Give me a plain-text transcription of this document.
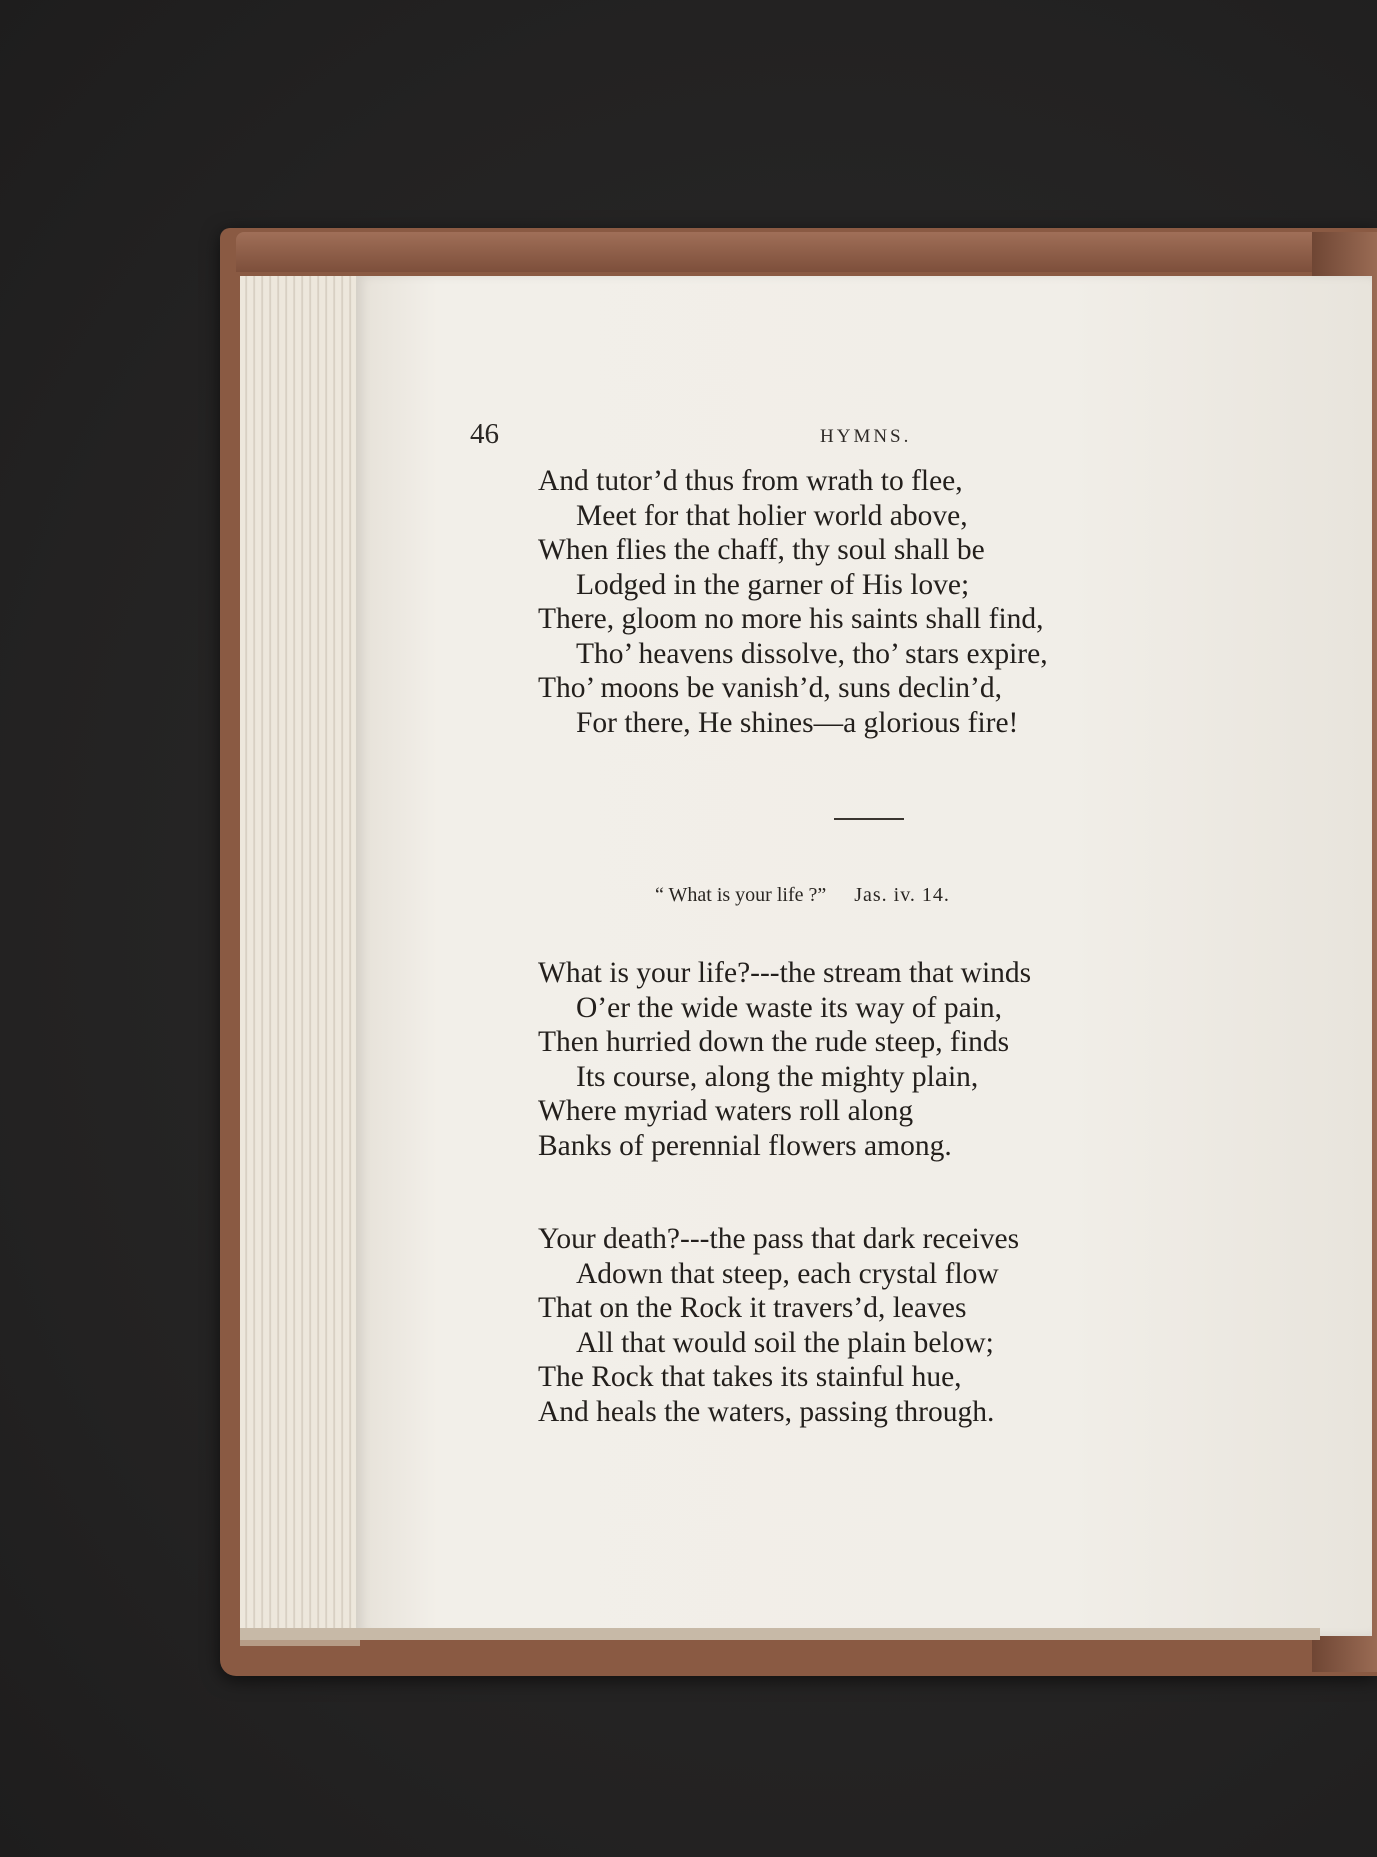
46	HYMNS.
And tutor’d thus from wrath to flee,
Meet for that holier world above,
When flies the chaff, thy soul shall be
Lodged in the garner of His love;
There, gloom no more his saints shall find,
Tho’ heavens dissolve, tho’ stars expire,
Tho’ moons be vanish’d, suns declin’d,
For there, He shines—a glorious fire!
“ What is your life ?” Jas. iv. 14.
What is your life?---the stream that winds
O’er the wide waste its way of pain,
Then hurried down the rude steep, finds
Its course, along the mighty plain,
Where myriad waters roll along
Banks of perennial flowers among.
Your death?---the pass that dark receives
Adown that steep, each crystal flow
That on the Rock it travers’d, leaves
All that would soil the plain below;
The Rock that takes its stainful hue,
And heals the waters, passing through.
